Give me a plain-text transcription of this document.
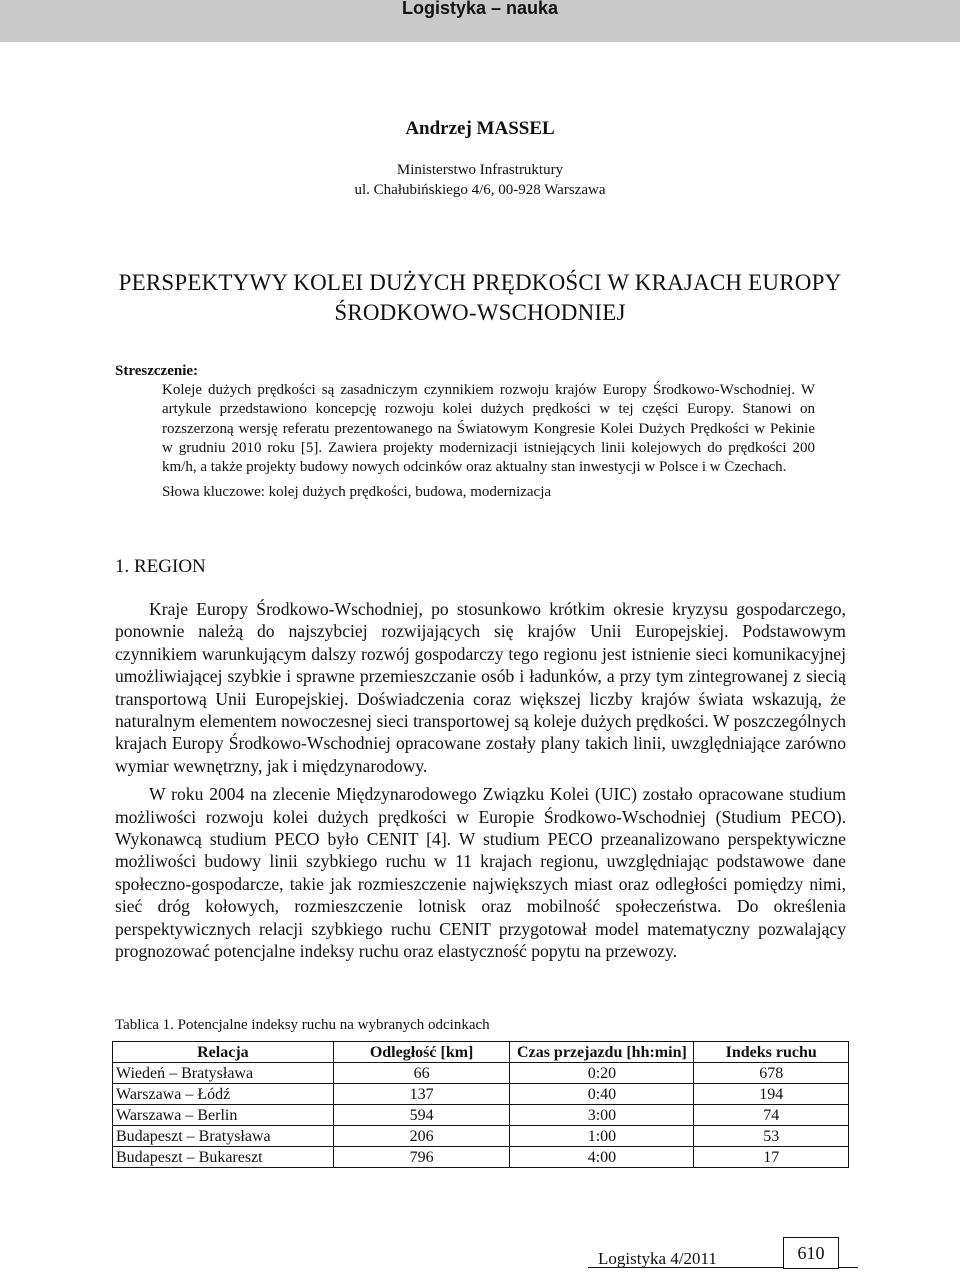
Logistyka – nauka
Andrzej MASSEL
Ministerstwo Infrastruktury
ul. Chałubińskiego 4/6, 00-928 Warszawa
PERSPEKTYWY KOLEI DUŻYCH PRĘDKOŚCI W KRAJACH EUROPY
ŚRODKOWO-WSCHODNIEJ
Streszczenie:
Koleje dużych prędkości są zasadniczym czynnikiem rozwoju krajów Europy Środkowo-Wschodniej. W artykule przedstawiono koncepcję rozwoju kolei dużych prędkości w tej części Europy. Stanowi on rozszerzoną wersję referatu prezentowanego na Światowym Kongresie Kolei Dużych Prędkości w Pekinie w grudniu 2010 roku [5]. Zawiera projekty modernizacji istniejących linii kolejowych do prędkości 200 km/h, a także projekty budowy nowych odcinków oraz aktualny stan inwestycji w Polsce i w Czechach.
Słowa kluczowe: kolej dużych prędkości, budowa, modernizacja
1. REGION

Kraje Europy Środkowo-Wschodniej, po stosunkowo krótkim okresie kryzysu gospodarczego, ponownie należą do najszybciej rozwijających się krajów Unii Europejskiej. Podstawowym czynnikiem warunkującym dalszy rozwój gospodarczy tego regionu jest istnienie sieci komunikacyjnej umożliwiającej szybkie i sprawne przemieszczanie osób i ładunków, a przy tym zintegrowanej z siecią transportową Unii Europejskiej. Doświadczenia coraz większej liczby krajów świata wskazują, że naturalnym elementem nowoczesnej sieci transportowej są koleje dużych prędkości. W poszczególnych krajach Europy Środkowo-Wschodniej opracowane zostały plany takich linii, uwzględniające zarówno wymiar wewnętrzny, jak i międzynarodowy.

W roku 2004 na zlecenie Międzynarodowego Związku Kolei (UIC) zostało opracowane studium możliwości rozwoju kolei dużych prędkości w Europie Środkowo-Wschodniej (Studium PECO). Wykonawcą studium PECO było CENIT [4]. W studium PECO przeanalizowano perspektywiczne możliwości budowy linii szybkiego ruchu w 11 krajach regionu, uwzględniając podstawowe dane społeczno-gospodarcze, takie jak rozmieszczenie największych miast oraz odległości pomiędzy nimi, sieć dróg kołowych, rozmieszczenie lotnisk oraz mobilność społeczeństwa. Do określenia perspektywicznych relacji szybkiego ruchu CENIT przygotował model matematyczny pozwalający prognozować potencjalne indeksy ruchu oraz elastyczność popytu na przewozy.

Tablica 1. Potencjalne indeksy ruchu na wybranych odcinkach
Relacja	Odległość [km]	Czas przejazdu [hh:min]	Indeks ruchu
Wiedeń – Bratysława	66	0:20	678
Warszawa – Łódź	137	0:40	194
Warszawa – Berlin	594	3:00	74
Budapeszt – Bratysława	206	1:00	53
Budapeszt – Bukareszt	796	4:00	17
Logistyka 4/2011	610
